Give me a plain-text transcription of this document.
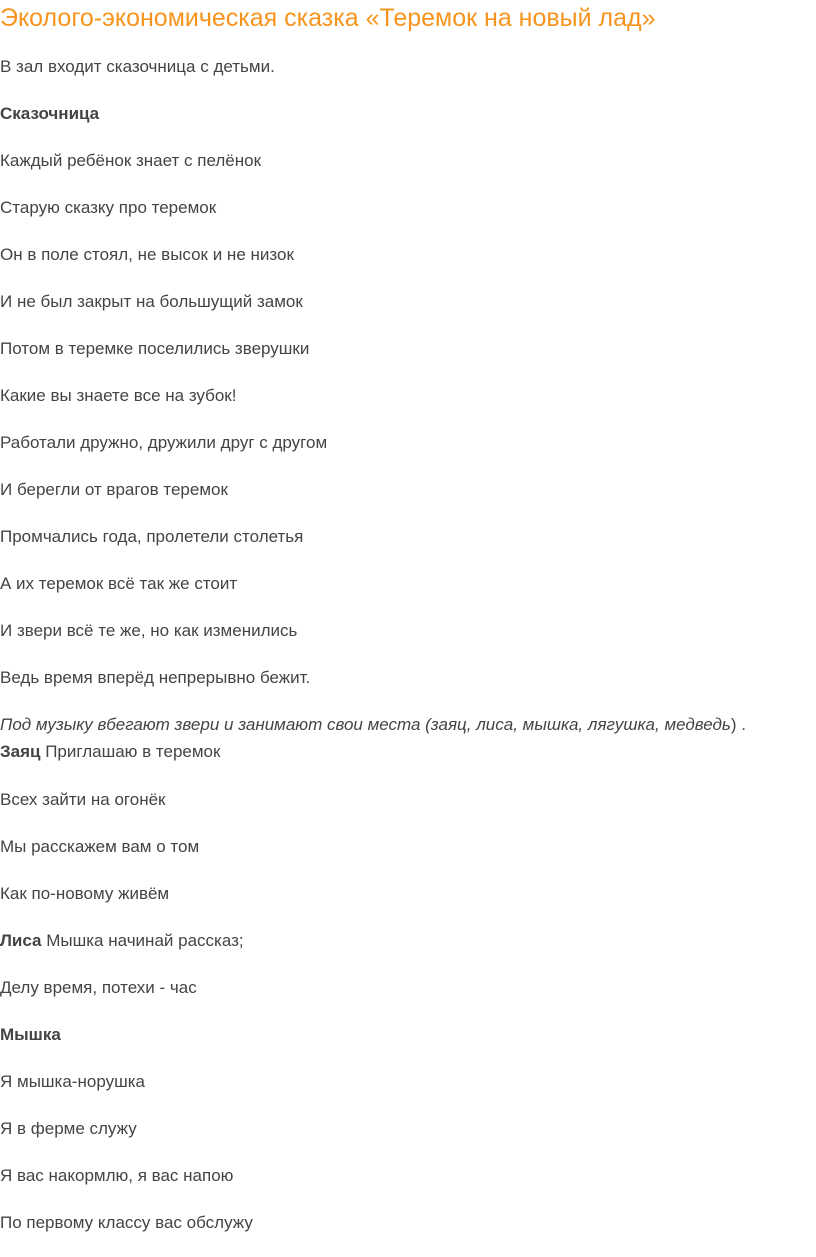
Эколого-экономическая сказка «Теремок на новый лад»

В зал входит сказочница с детьми.

Сказочница

Каждый ребёнок знает с пелёнок

Старую сказку про теремок

Он в поле стоял, не высок и не низок

И не был закрыт на большущий замок

Потом в теремке поселились зверушки

Какие вы знаете все на зубок!

Работали дружно, дружили друг с другом

И берегли от врагов теремок

Промчались года, пролетели столетья

А их теремок всё так же стоит

И звери всё те же, но как изменились

Ведь время вперёд непрерывно бежит.

Под музыку вбегают звери и занимают свои места (заяц, лиса, мышка, лягушка, медведь) .

Заяц Приглашаю в теремок

Всех зайти на огонёк

Мы расскажем вам о том

Как по-новому живём

Лиса Мышка начинай рассказ;

Делу время, потехи - час

Мышка

Я мышка-норушка

Я в ферме служу

Я вас накормлю, я вас напою

По первому классу вас обслужу
